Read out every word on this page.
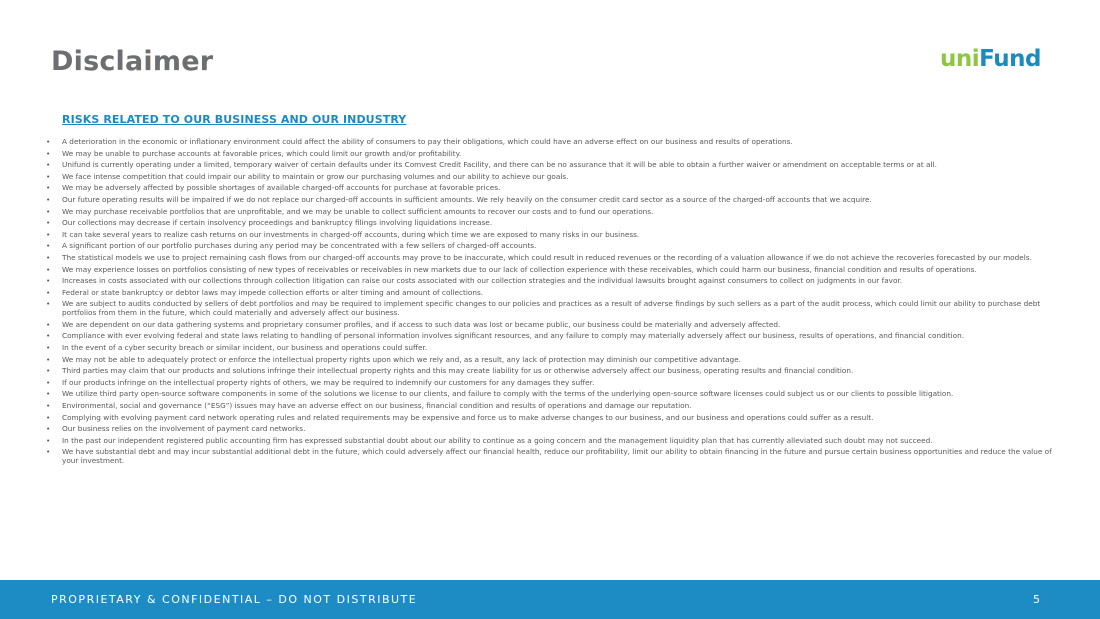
Disclaimer	uniFund
RISKS RELATED TO OUR BUSINESS AND OUR INDUSTRY
• A deterioration in the economic or inflationary environment could affect the ability of consumers to pay their obligations, which could have an adverse effect on our business and results of operations.
• We may be unable to purchase accounts at favorable prices, which could limit our growth and/or profitability.
• Unifund is currently operating under a limited, temporary waiver of certain defaults under its Comvest Credit Facility, and there can be no assurance that it will be able to obtain a further waiver or amendment on acceptable terms or at all.
• We face intense competition that could impair our ability to maintain or grow our purchasing volumes and our ability to achieve our goals.
• We may be adversely affected by possible shortages of available charged-off accounts for purchase at favorable prices.
• Our future operating results will be impaired if we do not replace our charged-off accounts in sufficient amounts. We rely heavily on the consumer credit card sector as a source of the charged-off accounts that we acquire.
• We may purchase receivable portfolios that are unprofitable, and we may be unable to collect sufficient amounts to recover our costs and to fund our operations.
• Our collections may decrease if certain insolvency proceedings and bankruptcy filings involving liquidations increase.
• It can take several years to realize cash returns on our investments in charged-off accounts, during which time we are exposed to many risks in our business.
• A significant portion of our portfolio purchases during any period may be concentrated with a few sellers of charged-off accounts.
• The statistical models we use to project remaining cash flows from our charged-off accounts may prove to be inaccurate, which could result in reduced revenues or the recording of a valuation allowance if we do not achieve the recoveries forecasted by our models.
• We may experience losses on portfolios consisting of new types of receivables or receivables in new markets due to our lack of collection experience with these receivables, which could harm our business, financial condition and results of operations.
• Increases in costs associated with our collections through collection litigation can raise our costs associated with our collection strategies and the individual lawsuits brought against consumers to collect on judgments in our favor.
• Federal or state bankruptcy or debtor laws may impede collection efforts or alter timing and amount of collections.
• We are subject to audits conducted by sellers of debt portfolios and may be required to implement specific changes to our policies and practices as a result of adverse findings by such sellers as a part of the audit process, which could limit our ability to purchase debt portfolios from them in the future, which could materially and adversely affect our business.
• We are dependent on our data gathering systems and proprietary consumer profiles, and if access to such data was lost or became public, our business could be materially and adversely affected.
• Compliance with ever evolving federal and state laws relating to handling of personal information involves significant resources, and any failure to comply may materially adversely affect our business, results of operations, and financial condition.
• In the event of a cyber security breach or similar incident, our business and operations could suffer.
• We may not be able to adequately protect or enforce the intellectual property rights upon which we rely and, as a result, any lack of protection may diminish our competitive advantage.
• Third parties may claim that our products and solutions infringe their intellectual property rights and this may create liability for us or otherwise adversely affect our business, operating results and financial condition.
• If our products infringe on the intellectual property rights of others, we may be required to indemnify our customers for any damages they suffer.
• We utilize third party open-source software components in some of the solutions we license to our clients, and failure to comply with the terms of the underlying open-source software licenses could subject us or our clients to possible litigation.
• Environmental, social and governance (“ESG”) issues may have an adverse effect on our business, financial condition and results of operations and damage our reputation.
• Complying with evolving payment card network operating rules and related requirements may be expensive and force us to make adverse changes to our business, and our business and operations could suffer as a result.
• Our business relies on the involvement of payment card networks.
• In the past our independent registered public accounting firm has expressed substantial doubt about our ability to continue as a going concern and the management liquidity plan that has currently alleviated such doubt may not succeed.
• We have substantial debt and may incur substantial additional debt in the future, which could adversely affect our financial health, reduce our profitability, limit our ability to obtain financing in the future and pursue certain business opportunities and reduce the value of your investment.
PROPRIETARY & CONFIDENTIAL – DO NOT DISTRIBUTE	5
